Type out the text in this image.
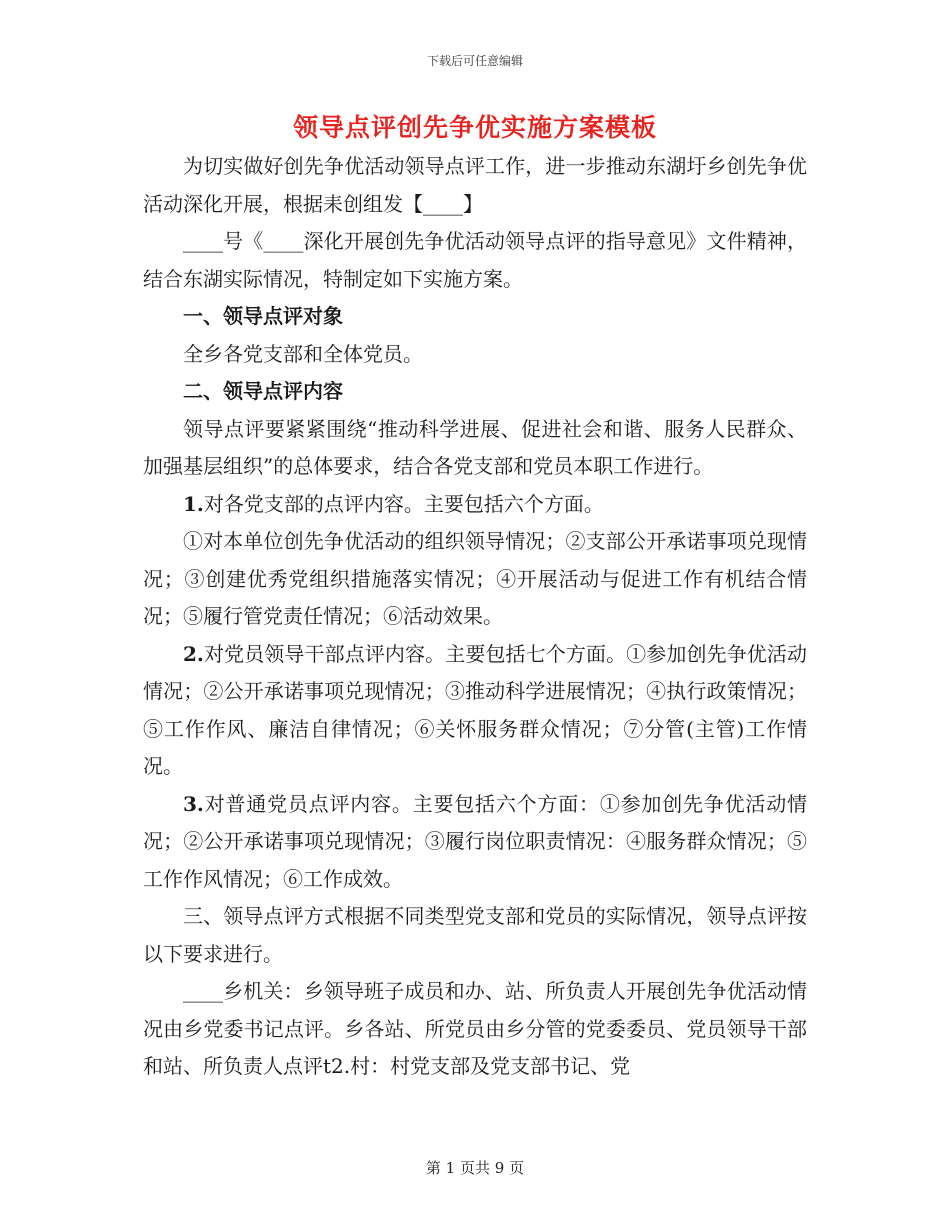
下载后可任意编辑
领导点评创先争优实施方案模板

为切实做好创先争优活动领导点评工作，进一步推动东湖圩乡创先争优活动深化开展，根据耒创组发【____】

____号《____深化开展创先争优活动领导点评的指导意见》文件精神，结合东湖实际情况，特制定如下实施方案。

一、领导点评对象

全乡各党支部和全体党员。

二、领导点评内容

领导点评要紧紧围绕“推动科学进展、促进社会和谐、服务人民群众、加强基层组织”的总体要求，结合各党支部和党员本职工作进行。

1.对各党支部的点评内容。主要包括六个方面。

①对本单位创先争优活动的组织领导情况；②支部公开承诺事项兑现情况；③创建优秀党组织措施落实情况；④开展活动与促进工作有机结合情况；⑤履行管党责任情况；⑥活动效果。

2.对党员领导干部点评内容。主要包括七个方面。①参加创先争优活动情况；②公开承诺事项兑现情况；③推动科学进展情况；④执行政策情况；⑤工作作风、廉洁自律情况；⑥关怀服务群众情况；⑦分管(主管)工作情况。

3.对普通党员点评内容。主要包括六个方面：①参加创先争优活动情况；②公开承诺事项兑现情况；③履行岗位职责情况：④服务群众情况；⑤工作作风情况；⑥工作成效。

三、领导点评方式根据不同类型党支部和党员的实际情况，领导点评按以下要求进行。

____乡机关：乡领导班子成员和办、站、所负责人开展创先争优活动情况由乡党委书记点评。乡各站、所党员由乡分管的党委委员、党员领导干部和站、所负责人点评t2.村：村党支部及党支部书记、党

第 1 页共 9 页
